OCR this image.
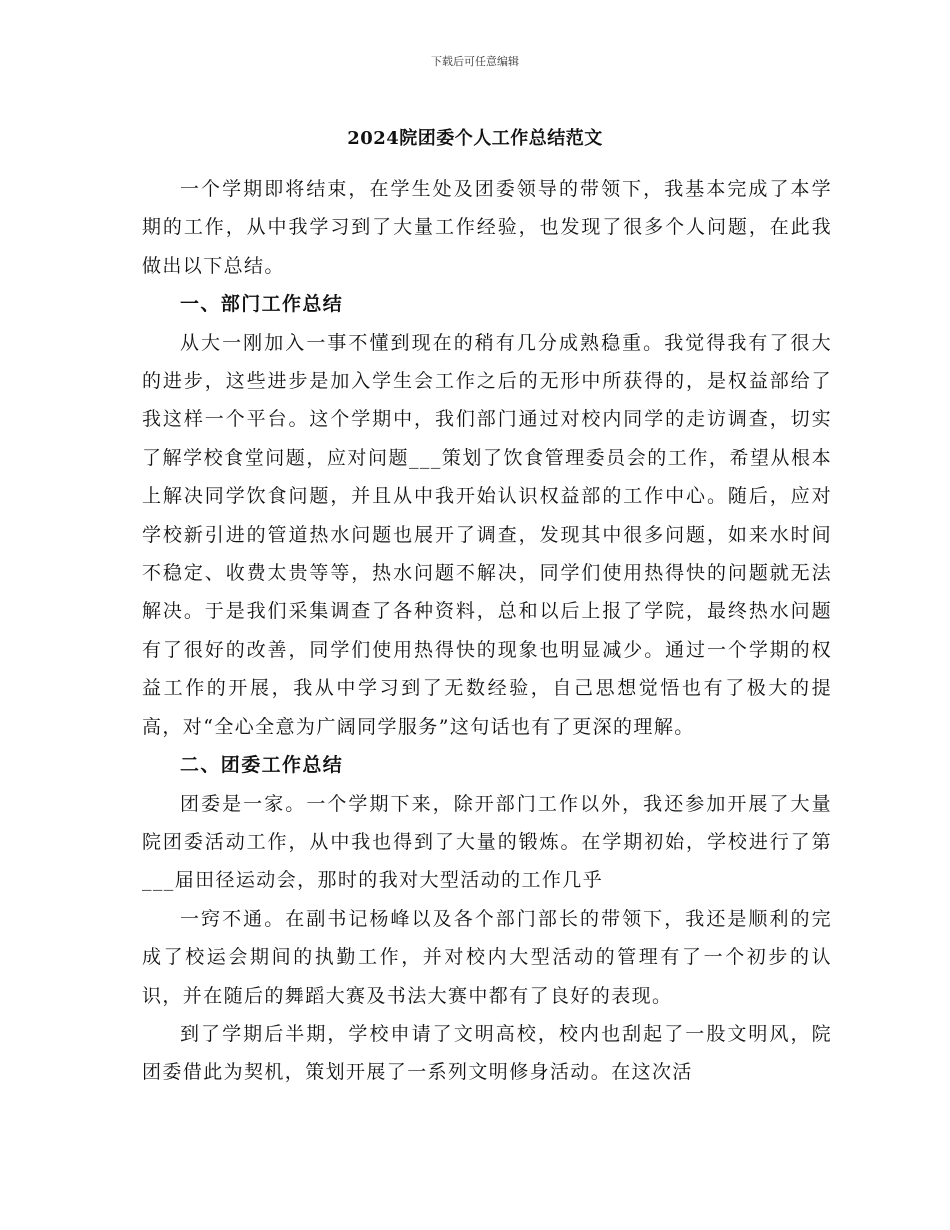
下载后可任意编辑
2024院团委个人工作总结范文

一个学期即将结束，在学生处及团委领导的带领下，我基本完成了本学期的工作，从中我学习到了大量工作经验，也发现了很多个人问题，在此我做出以下总结。

一、部门工作总结

从大一刚加入一事不懂到现在的稍有几分成熟稳重。我觉得我有了很大的进步，这些进步是加入学生会工作之后的无形中所获得的，是权益部给了我这样一个平台。这个学期中，我们部门通过对校内同学的走访调查，切实了解学校食堂问题，应对问题___策划了饮食管理委员会的工作，希望从根本上解决同学饮食问题，并且从中我开始认识权益部的工作中心。随后，应对学校新引进的管道热水问题也展开了调查，发现其中很多问题，如来水时间不稳定、收费太贵等等，热水问题不解决，同学们使用热得快的问题就无法解决。于是我们采集调查了各种资料，总和以后上报了学院，最终热水问题有了很好的改善，同学们使用热得快的现象也明显减少。通过一个学期的权益工作的开展，我从中学习到了无数经验，自己思想觉悟也有了极大的提高，对“全心全意为广阔同学服务”这句话也有了更深的理解。

二、团委工作总结

团委是一家。一个学期下来，除开部门工作以外，我还参加开展了大量院团委活动工作，从中我也得到了大量的锻炼。在学期初始，学校进行了第___届田径运动会，那时的我对大型活动的工作几乎

一窍不通。在副书记杨峰以及各个部门部长的带领下，我还是顺利的完成了校运会期间的执勤工作，并对校内大型活动的管理有了一个初步的认识，并在随后的舞蹈大赛及书法大赛中都有了良好的表现。

到了学期后半期，学校申请了文明高校，校内也刮起了一股文明风，院团委借此为契机，策划开展了一系列文明修身活动。在这次活
